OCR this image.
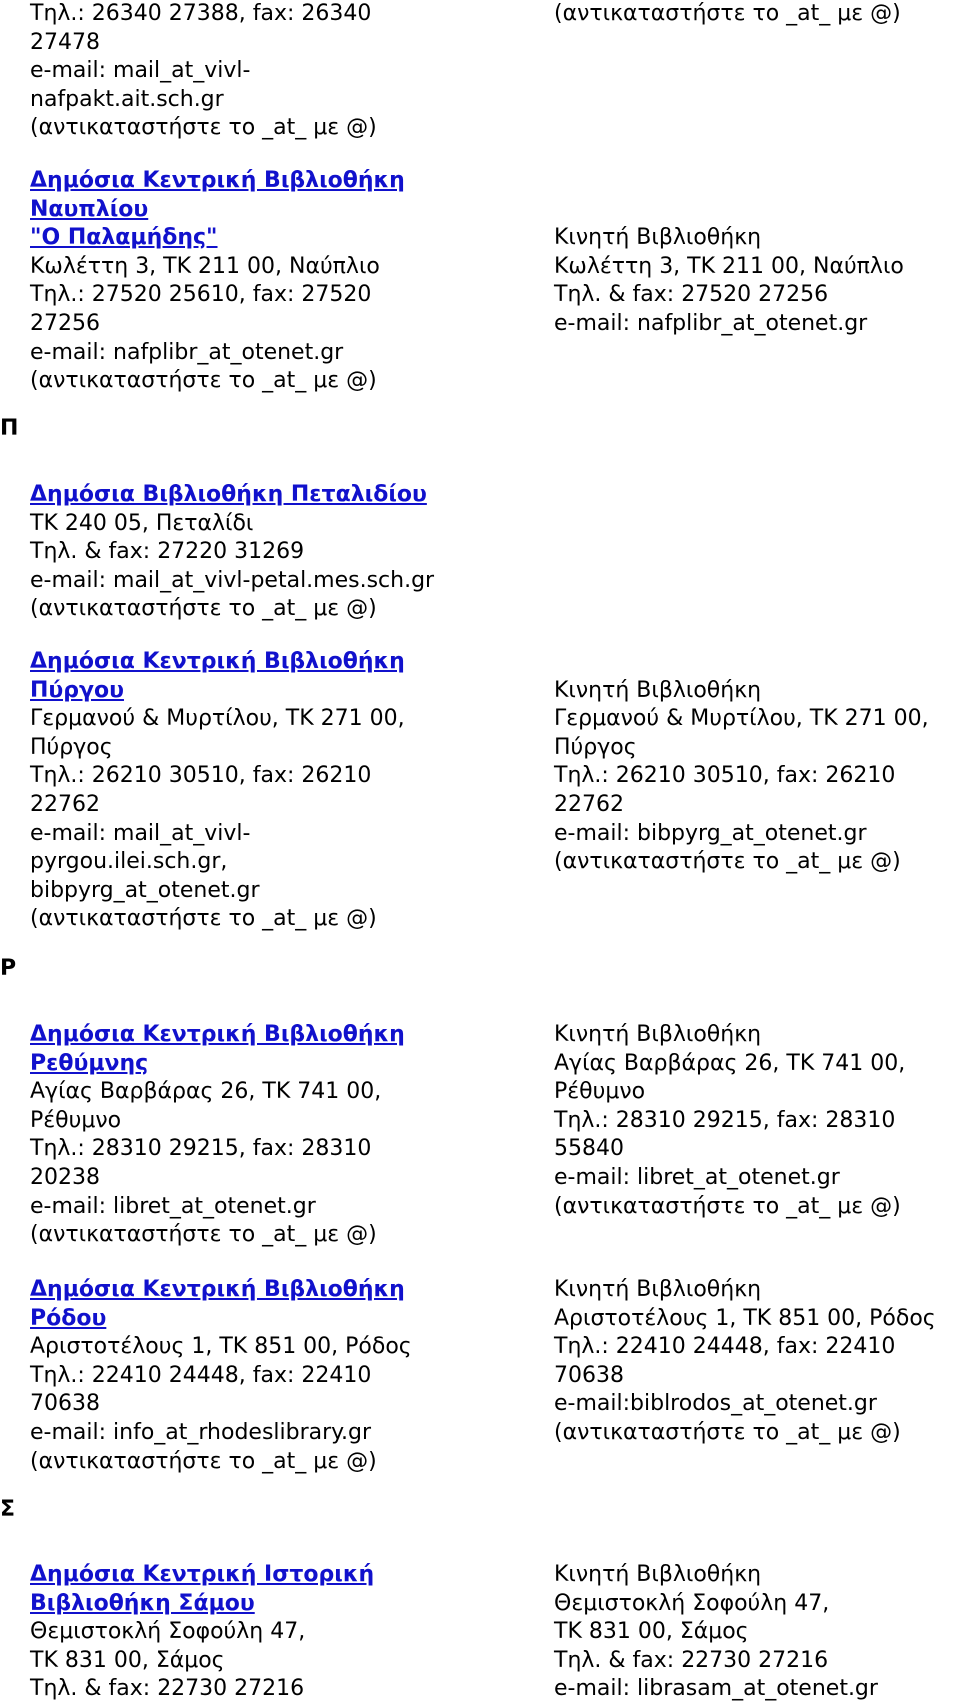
Τηλ.: 26340 27388, fax: 26340
27478
e-mail: mail_at_vivl-
nafpakt.ait.sch.gr
(αντικαταστήστε το _at_ με @)
(αντικαταστήστε το _at_ με @)
Δημόσια Κεντρική Βιβλιοθήκη
Ναυπλίου
"Ο Παλαμήδης"
Κωλέττη 3, ΤΚ 211 00, Ναύπλιο
Τηλ.: 27520 25610, fax: 27520
27256
e-mail: nafplibr_at_otenet.gr
(αντικαταστήστε το _at_ με @)

Κινητή Βιβλιοθήκη
Κωλέττη 3, ΤΚ 211 00, Ναύπλιο
Τηλ. & fax: 27520 27256
e-mail: nafplibr_at_otenet.gr
Δημόσια Βιβλιοθήκη Πεταλιδίου
ΤΚ 240 05, Πεταλίδι
Τηλ. & fax: 27220 31269
e-mail: mail_at_vivl-petal.mes.sch.gr
(αντικαταστήστε το _at_ με @)
Δημόσια Κεντρική Βιβλιοθήκη
Πύργου
Γερμανού & Μυρτίλου, ΤΚ 271 00,
Πύργος
Τηλ.: 26210 30510, fax: 26210
22762
e-mail: mail_at_vivl-
pyrgou.ilei.sch.gr,
bibpyrg_at_otenet.gr
(αντικαταστήστε το _at_ με @)

Κινητή Βιβλιοθήκη
Γερμανού & Μυρτίλου, ΤΚ 271 00,
Πύργος
Τηλ.: 26210 30510, fax: 26210
22762
e-mail: bibpyrg_at_otenet.gr
(αντικαταστήστε το _at_ με @)
Δημόσια Κεντρική Βιβλιοθήκη
Ρεθύμνης
Αγίας Βαρβάρας 26, ΤΚ 741 00,
Ρέθυμνο
Τηλ.: 28310 29215, fax: 28310
20238
e-mail: libret_at_otenet.gr
(αντικαταστήστε το _at_ με @)
Κινητή Βιβλιοθήκη
Αγίας Βαρβάρας 26, ΤΚ 741 00,
Ρέθυμνο
Τηλ.: 28310 29215, fax: 28310
55840
e-mail: libret_at_otenet.gr
(αντικαταστήστε το _at_ με @)
Δημόσια Κεντρική Βιβλιοθήκη
Ρόδου
Αριστοτέλους 1, ΤΚ 851 00, Ρόδος
Τηλ.: 22410 24448, fax: 22410
70638
e-mail: info_at_rhodeslibrary.gr
(αντικαταστήστε το _at_ με @)
Κινητή Βιβλιοθήκη
Αριστοτέλους 1, ΤΚ 851 00, Ρόδος
Τηλ.: 22410 24448, fax: 22410
70638
e-mail:biblrodos_at_otenet.gr
(αντικαταστήστε το _at_ με @)
Δημόσια Κεντρική Ιστορική
Βιβλιοθήκη Σάμου
Θεμιστοκλή Σοφούλη 47,
ΤΚ 831 00, Σάμος
Τηλ. & fax: 22730 27216
Κινητή Βιβλιοθήκη
Θεμιστοκλή Σοφούλη 47,
ΤΚ 831 00, Σάμος
Τηλ. & fax: 22730 27216
e-mail: librasam_at_otenet.gr
Π
Ρ
Σ
